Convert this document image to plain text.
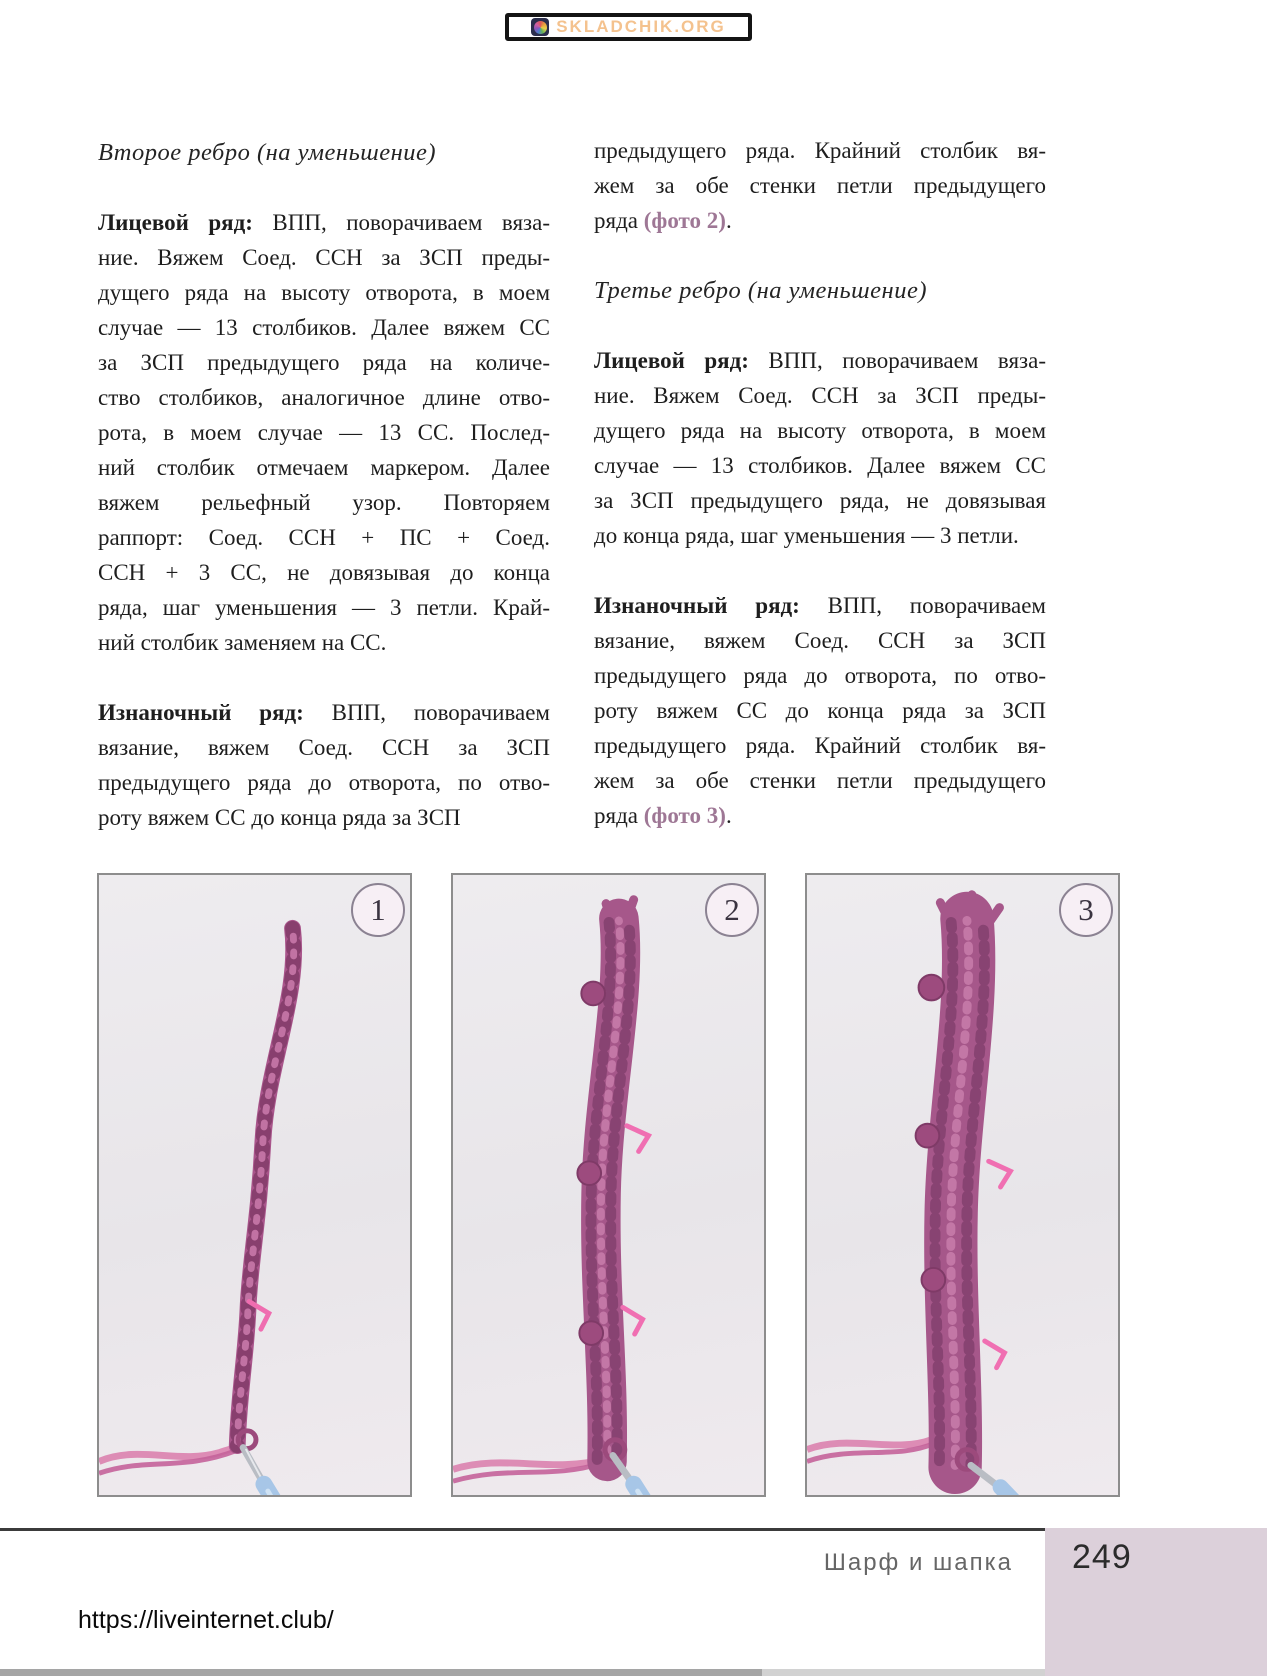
SKLADCHIK.ORG
Второе ребро (на уменьшение)
Лицевой ряд: ВПП, поворачиваем вяза-
ние. Вяжем Соед. ССН за ЗСП преды-
дущего ряда на высоту отворота, в моем
случае — 13 столбиков. Далее вяжем СС
за ЗСП предыдущего ряда на количе-
ство столбиков, аналогичное длине отво-
рота, в моем случае — 13 СС. Послед-
ний столбик отмечаем маркером. Далее
вяжем рельефный узор. Повторяем
раппорт: Соед. ССН + ПС + Соед.
ССН + 3 СС, не довязывая до конца
ряда, шаг уменьшения — 3 петли. Край-
ний столбик заменяем на СС.
Изнаночный ряд: ВПП, поворачиваем
вязание, вяжем Соед. ССН за ЗСП
предыдущего ряда до отворота, по отво-
роту вяжем СС до конца ряда за ЗСП
предыдущего ряда. Крайний столбик вя-
жем за обе стенки петли предыдущего
ряда (фото 2).
Третье ребро (на уменьшение)
Лицевой ряд: ВПП, поворачиваем вяза-
ние. Вяжем Соед. ССН за ЗСП преды-
дущего ряда на высоту отворота, в моем
случае — 13 столбиков. Далее вяжем СС
за ЗСП предыдущего ряда, не довязывая
до конца ряда, шаг уменьшения — 3 петли.
Изнаночный ряд: ВПП, поворачиваем
вязание, вяжем Соед. ССН за ЗСП
предыдущего ряда до отворота, по отво-
роту вяжем СС до конца ряда за ЗСП
предыдущего ряда. Крайний столбик вя-
жем за обе стенки петли предыдущего
ряда (фото 3).
1	2	3
Шарф и шапка 249
https://liveinternet.club/
